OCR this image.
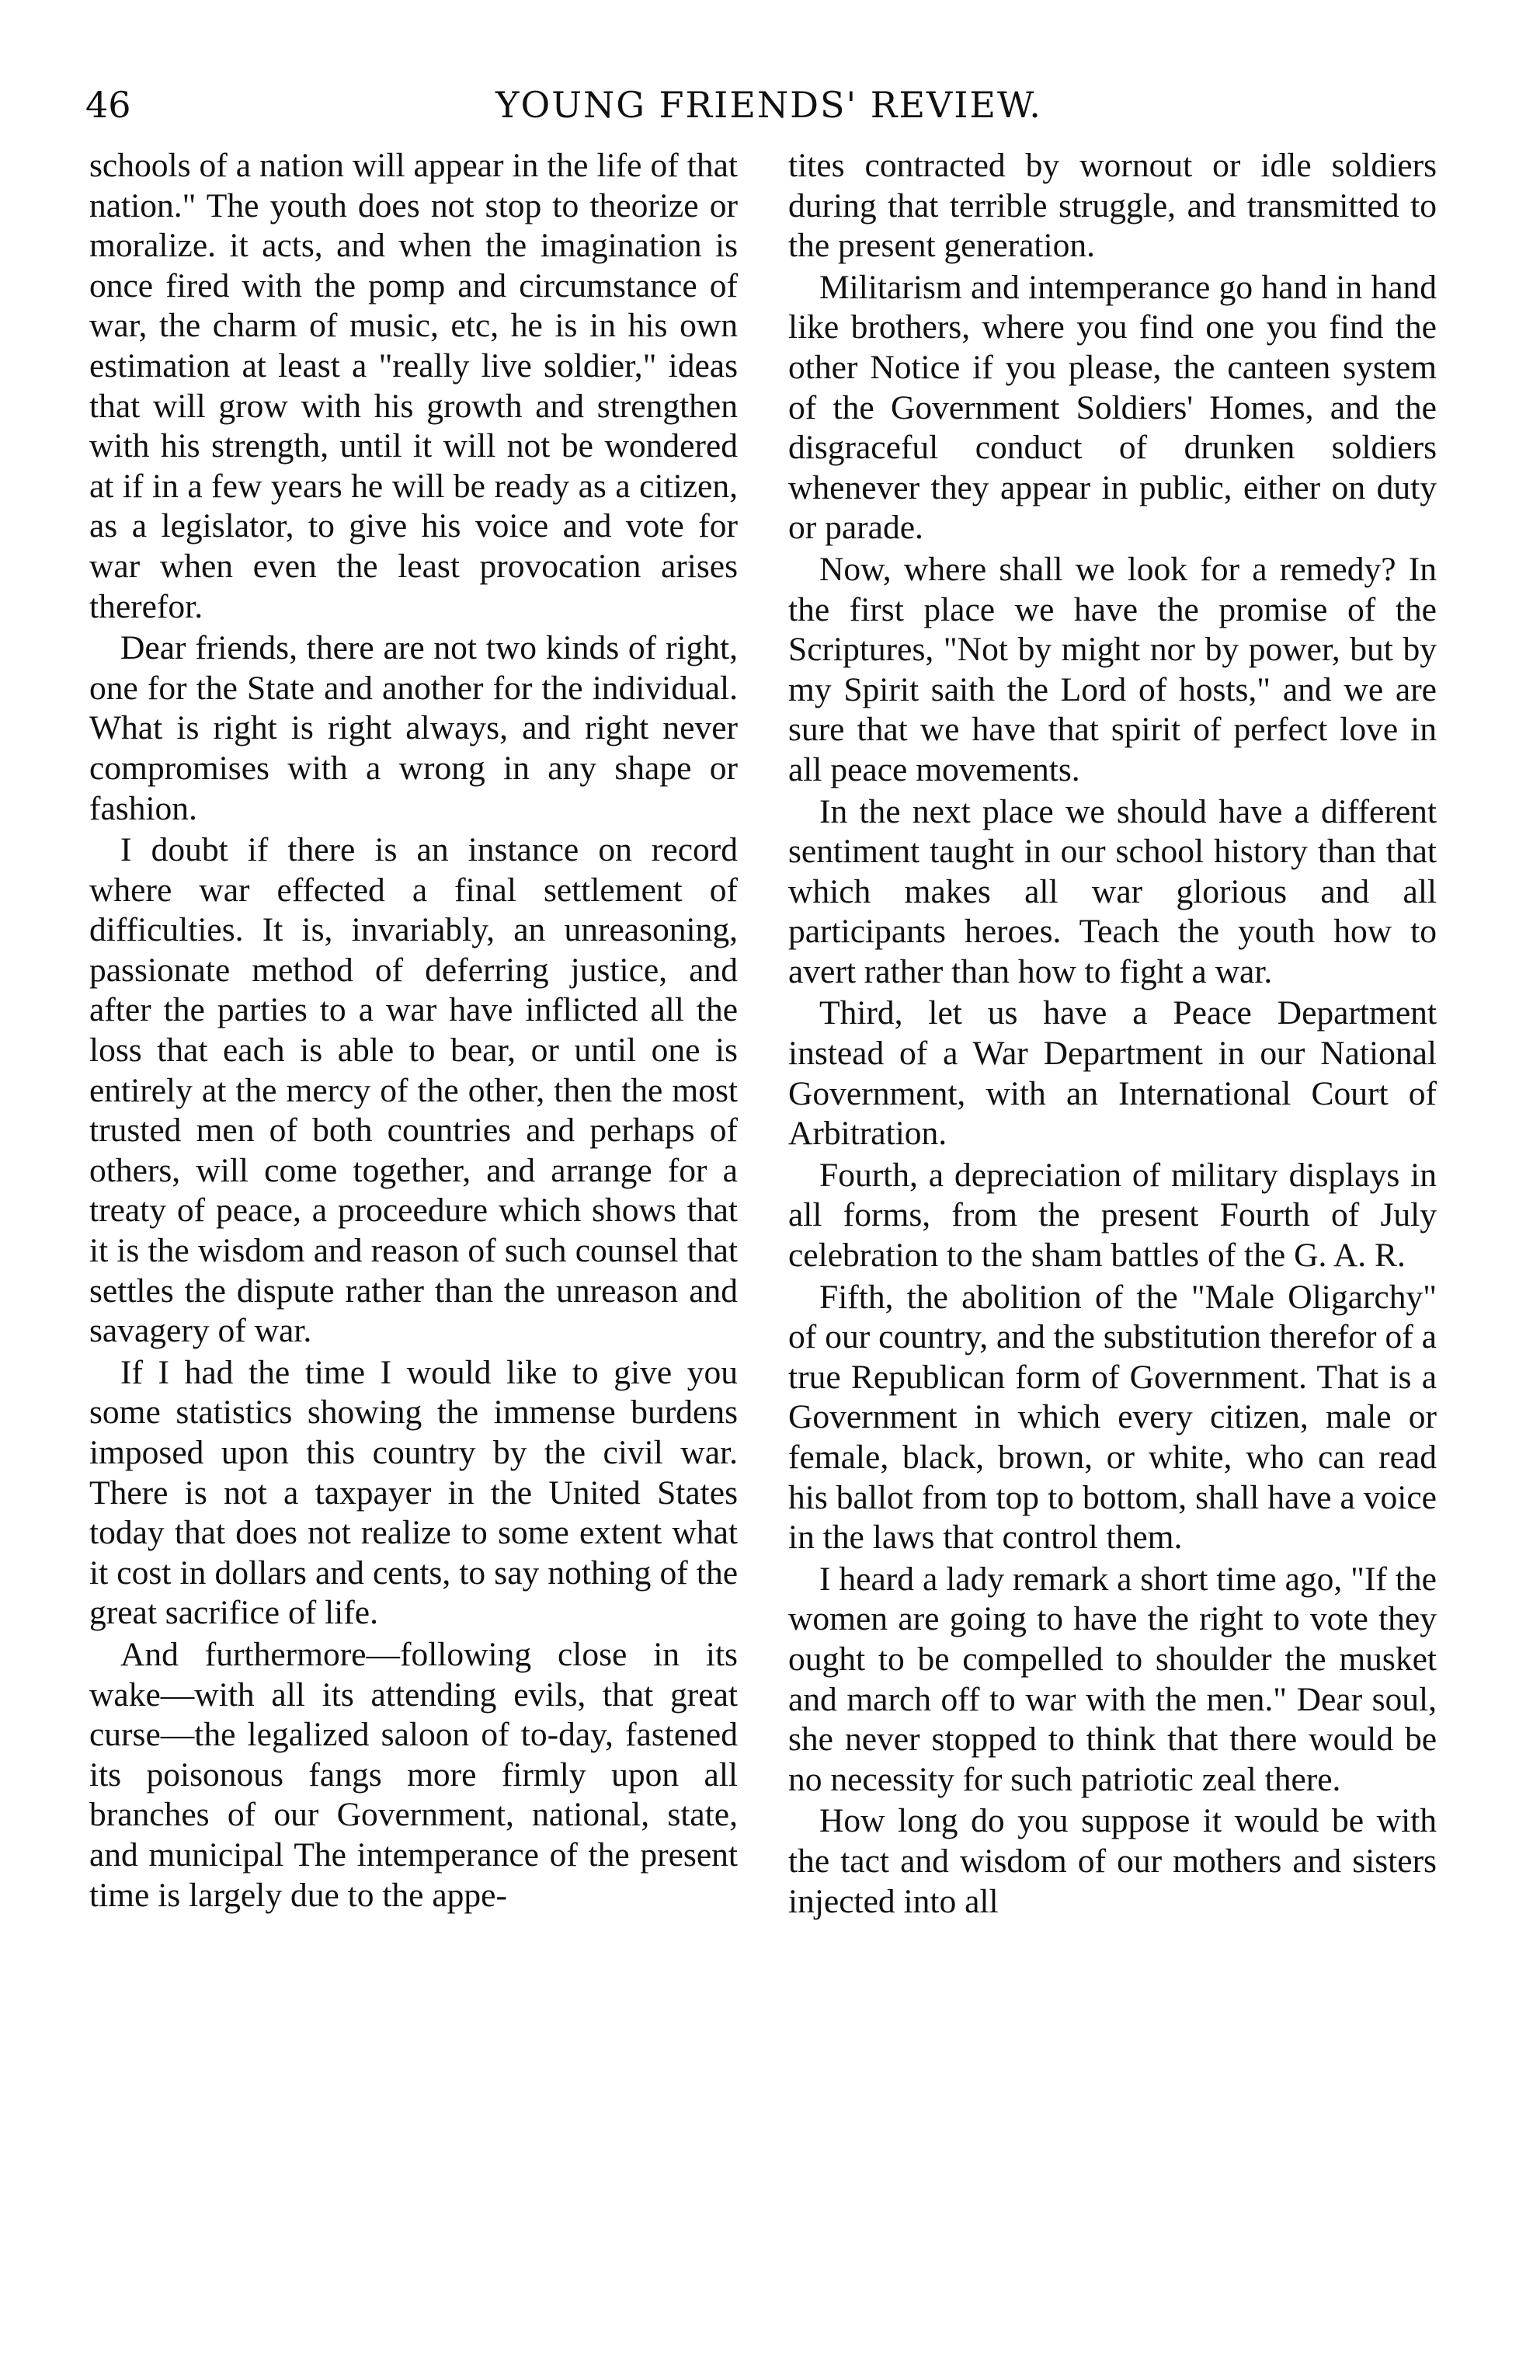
46	YOUNG FRIENDS' REVIEW.

schools of a nation will appear in the life of that nation." The youth does not stop to theorize or moralize. it acts, and when the imagination is once fired with the pomp and circumstance of war, the charm of music, etc, he is in his own estimation at least a "really live soldier," ideas that will grow with his growth and strengthen with his strength, until it will not be wondered at if in a few years he will be ready as a citizen, as a legislator, to give his voice and vote for war when even the least provocation arises therefor.

Dear friends, there are not two kinds of right, one for the State and another for the individual. What is right is right always, and right never compromises with a wrong in any shape or fashion.

I doubt if there is an instance on record where war effected a final settlement of difficulties. It is, invariably, an unreasoning, passionate method of deferring justice, and after the parties to a war have inflicted all the loss that each is able to bear, or until one is entirely at the mercy of the other, then the most trusted men of both countries and perhaps of others, will come together, and arrange for a treaty of peace, a proceedure which shows that it is the wisdom and reason of such counsel that settles the dispute rather than the unreason and savagery of war.

If I had the time I would like to give you some statistics showing the immense burdens imposed upon this country by the civil war. There is not a taxpayer in the United States today that does not realize to some extent what it cost in dollars and cents, to say nothing of the great sacrifice of life.

And furthermore—following close in its wake—with all its attending evils, that great curse—the legalized saloon of to-day, fastened its poisonous fangs more firmly upon all branches of our Government, national, state, and municipal The intemperance of the present time is largely due to the appe-

tites contracted by wornout or idle soldiers during that terrible struggle, and transmitted to the present generation.

Militarism and intemperance go hand in hand like brothers, where you find one you find the other Notice if you please, the canteen system of the Government Soldiers' Homes, and the disgraceful conduct of drunken soldiers whenever they appear in public, either on duty or parade.

Now, where shall we look for a remedy? In the first place we have the promise of the Scriptures, "Not by might nor by power, but by my Spirit saith the Lord of hosts," and we are sure that we have that spirit of perfect love in all peace movements.

In the next place we should have a different sentiment taught in our school history than that which makes all war glorious and all participants heroes. Teach the youth how to avert rather than how to fight a war.

Third, let us have a Peace Department instead of a War Department in our National Government, with an International Court of Arbitration.

Fourth, a depreciation of military displays in all forms, from the present Fourth of July celebration to the sham battles of the G. A. R.

Fifth, the abolition of the "Male Oligarchy" of our country, and the substitution therefor of a true Republican form of Government. That is a Government in which every citizen, male or female, black, brown, or white, who can read his ballot from top to bottom, shall have a voice in the laws that control them.

I heard a lady remark a short time ago, "If the women are going to have the right to vote they ought to be compelled to shoulder the musket and march off to war with the men." Dear soul, she never stopped to think that there would be no necessity for such patriotic zeal there.

How long do you suppose it would be with the tact and wisdom of our mothers and sisters injected into all
